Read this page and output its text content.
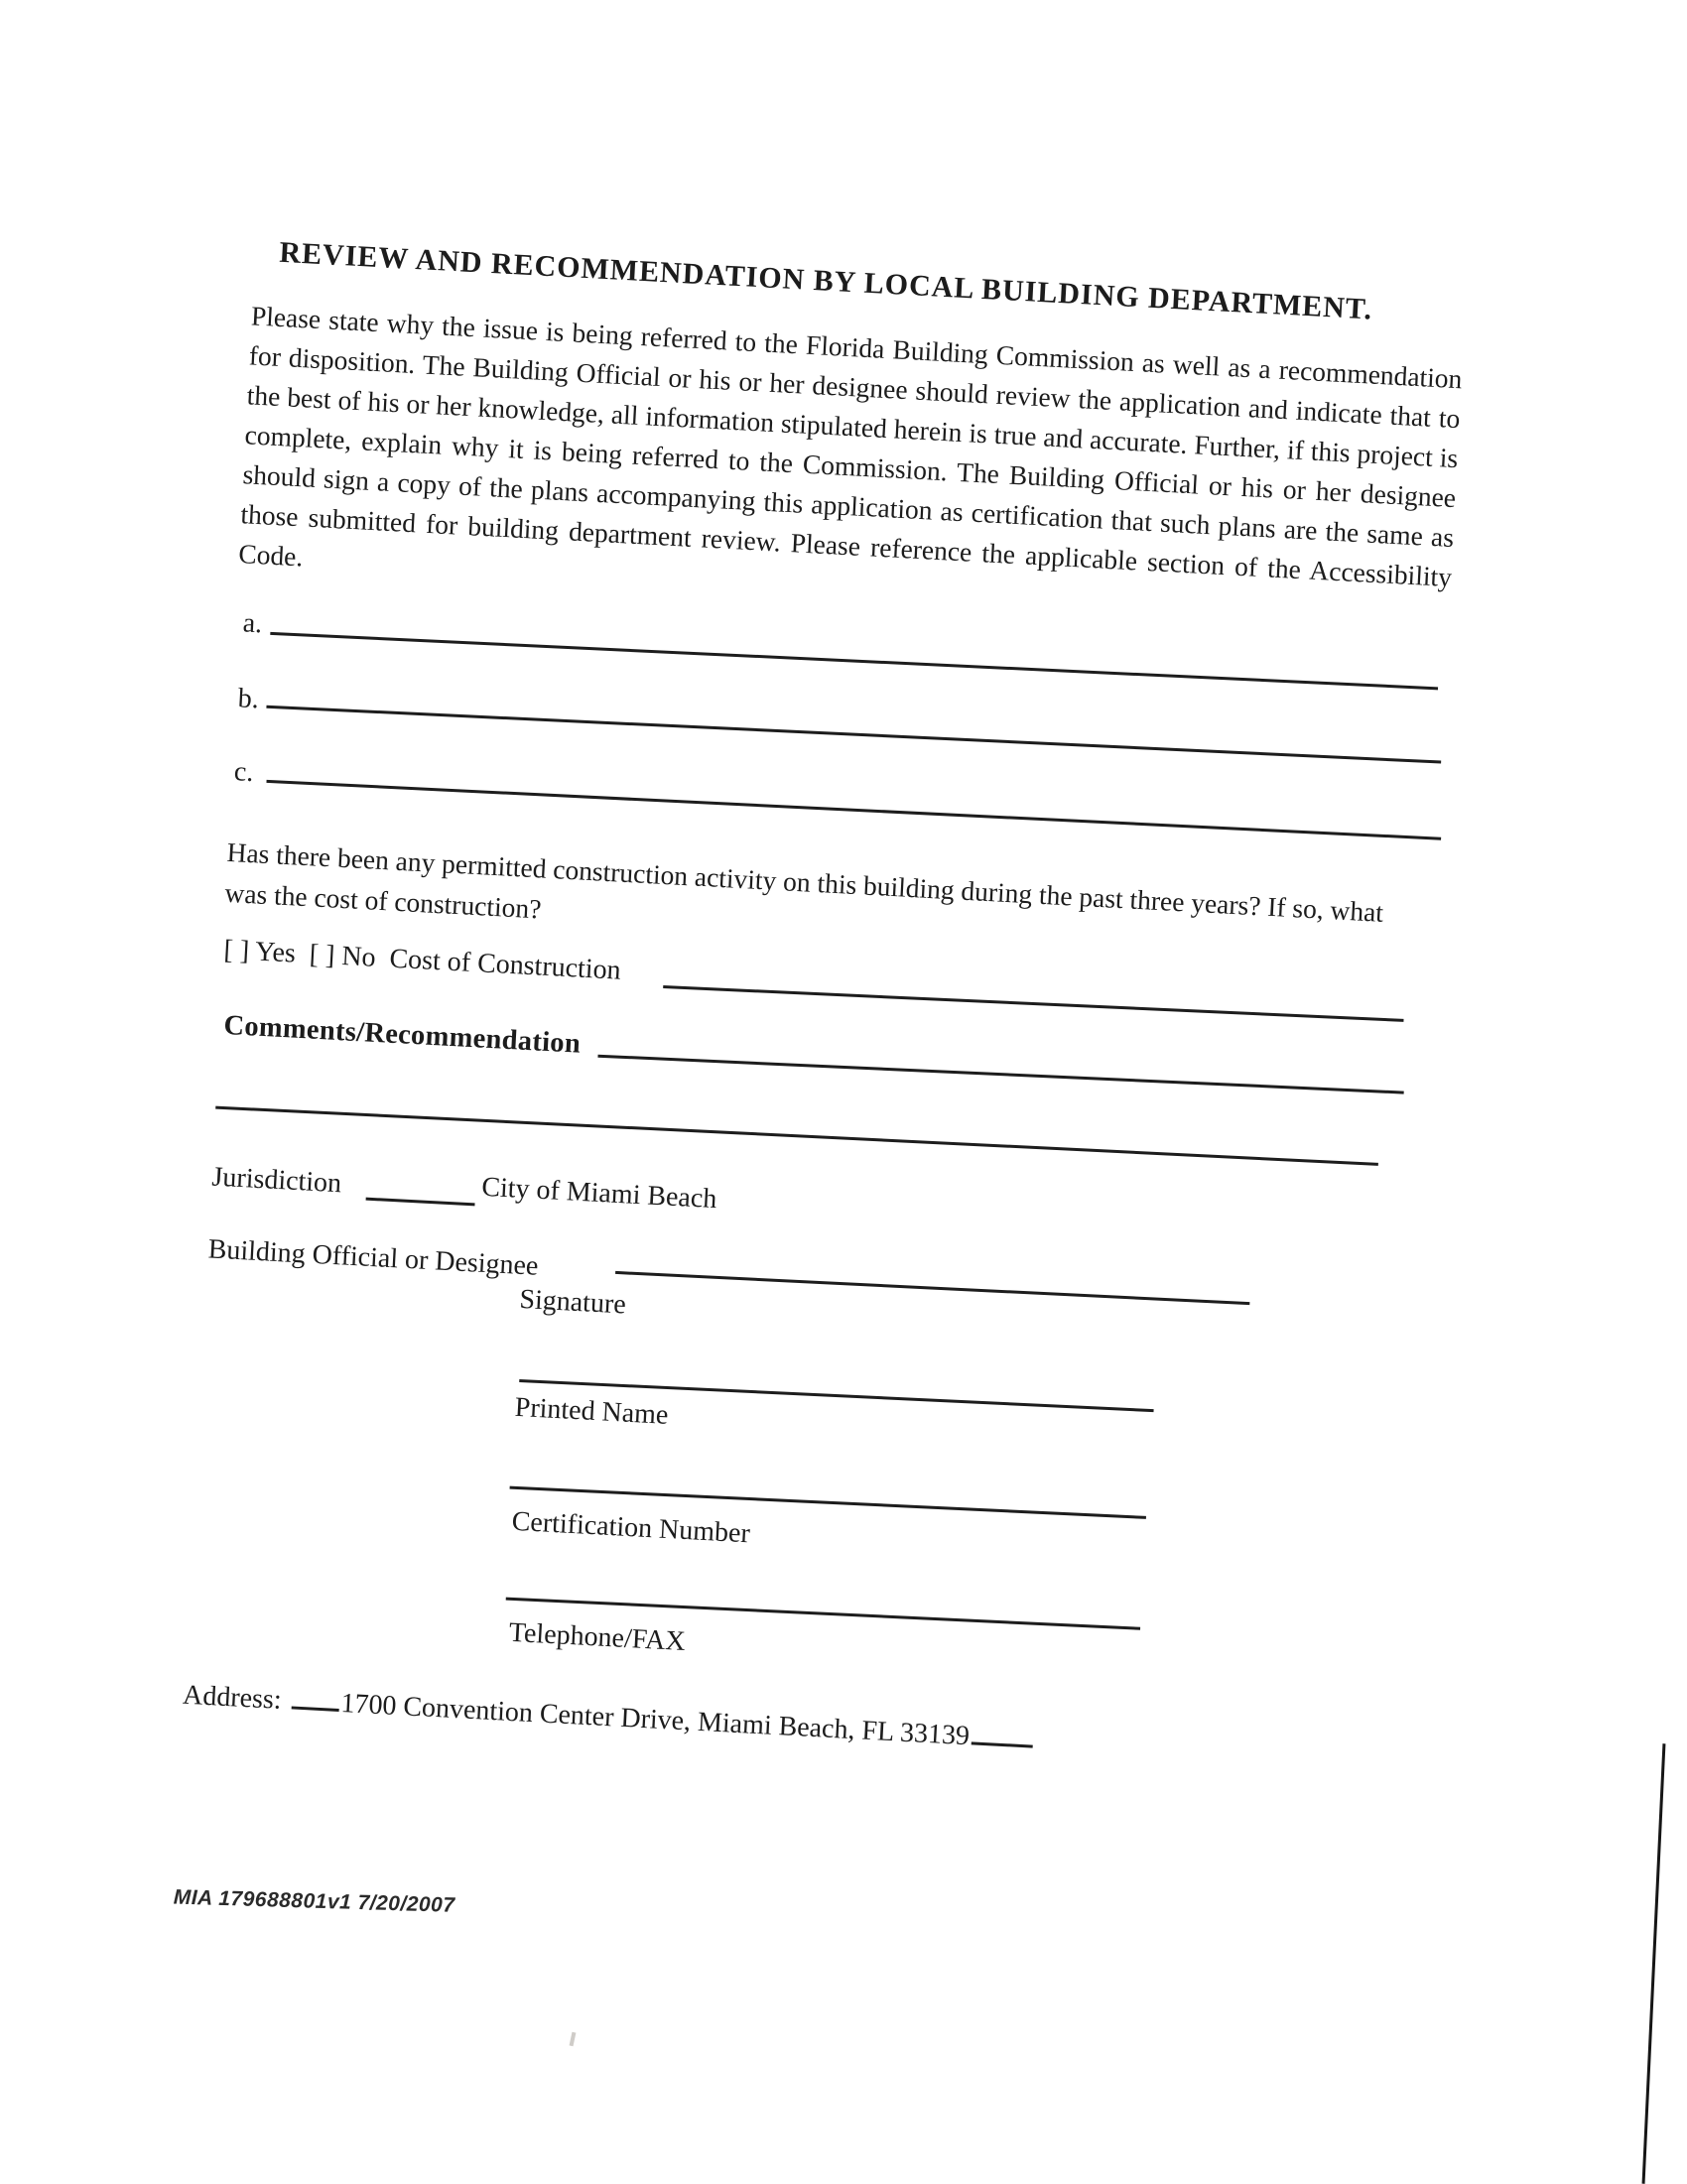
REVIEW AND RECOMMENDATION BY LOCAL BUILDING DEPARTMENT.
Please state why the issue is being referred to the Florida Building Commission as well as a recommendation for disposition. The Building Official or his or her designee should review the application and indicate that to the best of his or her knowledge, all information stipulated herein is true and accurate. Further, if this project is complete, explain why it is being referred to the Commission. The Building Official or his or her designee should sign a copy of the plans accompanying this application as certification that such plans are the same as those submitted for building department review. Please reference the applicable section of the Accessibility Code.
a.
b.
c.
Has there been any permitted construction activity on this building during the past three years? If so, what was the cost of construction?
[ ] Yes [ ] No Cost of Construction
Comments/Recommendation
Jurisdiction	City of Miami Beach
Building Official or Designee
Signature
Printed Name
Certification Number
Telephone/FAX
Address: 1700 Convention Center Drive, Miami Beach, FL 33139
MIA 179688801v1 7/20/2007
